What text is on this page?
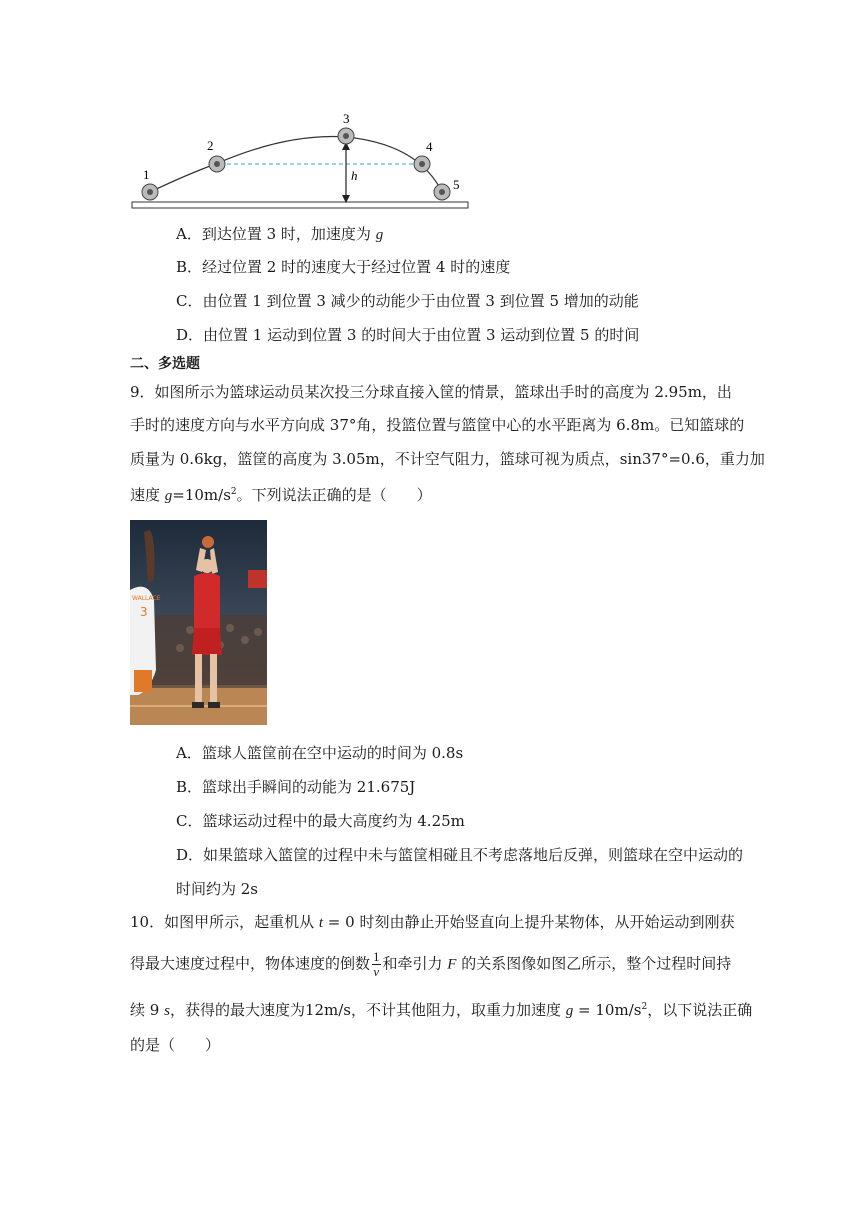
1
2
3
4
5
h
A．到达位置 3 时，加速度为 g
B．经过位置 2 时的速度大于经过位置 4 时的速度
C．由位置 1 到位置 3 减少的动能少于由位置 3 到位置 5 增加的动能
D．由位置 1 运动到位置 3 的时间大于由位置 3 运动到位置 5 的时间
二、多选题
9．如图所示为篮球运动员某次投三分球直接入筐的情景，篮球出手时的高度为 2.95m，出
手时的速度方向与水平方向成 37°角，投篮位置与篮筐中心的水平距离为 6.8m。已知篮球的
质量为 0.6kg，篮筐的高度为 3.05m，不计空气阻力，篮球可视为质点，sin37°=0.6，重力加
速度 $g=10m/s^2$。下列说法正确的是（　　）
WALLACE
3
A．篮球人篮筐前在空中运动的时间为 0.8s
B．篮球出手瞬间的动能为 21.675J
C．篮球运动过程中的最大高度约为 4.25m
D．如果篮球入篮筐的过程中未与篮筐相碰且不考虑落地后反弹，则篮球在空中运动的
时间约为 2s
10．如图甲所示，起重机从 t = 0 时刻由静止开始竖直向上提升某物体，从开始运动到刚获
得最大速度过程中，物体速度的倒数 $\frac{1}{v}$ 和牵引力 F 的关系图像如图乙所示，整个过程时间持
续 9 s，获得的最大速度为12m/s，不计其他阻力，取重力加速度 $g = 10m/s^2$，以下说法正确
的是（　　）
